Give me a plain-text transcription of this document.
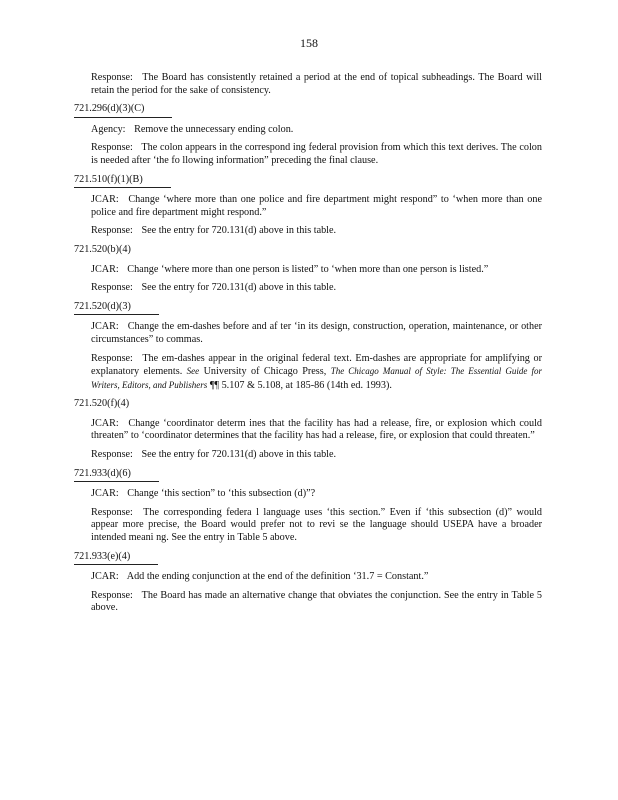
158

Response: The Board has consistently retained a period at the end of topical subheadings. The Board will retain the period for the sake of consistency.

721.296(d)(3)(C)

Agency: Remove the unnecessary ending colon.

Response: The colon appears in the correspond ing federal provision from which this text derives. The colon is needed after ‘the fo llowing information” preceding the final clause.

721.510(f)(1)(B)

JCAR: Change ‘where more than one police and fire department might respond” to ‘when more than one police and fire department might respond.”

Response: See the entry for 720.131(d) above in this table.

721.520(b)(4)

JCAR: Change ‘where more than one person is listed” to ‘when more than one person is listed.”

Response: See the entry for 720.131(d) above in this table.

721.520(d)(3)

JCAR: Change the em-dashes before and af ter ‘in its design, construction, operation, maintenance, or other circumstances” to commas.

Response: The em-dashes appear in the original federal text. Em-dashes are appropriate for amplifying or explanatory elements. See University of Chicago Press, The Chicago Manual of Style: The Essential Guide for Writers, Editors, and Publishers ¶¶ 5.107 & 5.108, at 185-86 (14th ed. 1993).

721.520(f)(4)

JCAR: Change ‘coordinator determ ines that the facility has had a release, fire, or explosion which could threaten” to ‘coordinator determines that the facility has had a release, fire, or explosion that could threaten.”

Response: See the entry for 720.131(d) above in this table.

721.933(d)(6)

JCAR: Change ‘this section” to ‘this subsection (d)”?

Response: The corresponding federa l language uses ‘this section.” Even if ‘this subsection (d)” would appear more precise, the Board would prefer not to revi se the language should USEPA have a broader intended meani ng. See the entry in Table 5 above.

721.933(e)(4)

JCAR: Add the ending conjunction at the end of the definition ‘31.7 = Constant.”

Response: The Board has made an alternative change that obviates the conjunction. See the entry in Table 5 above.
